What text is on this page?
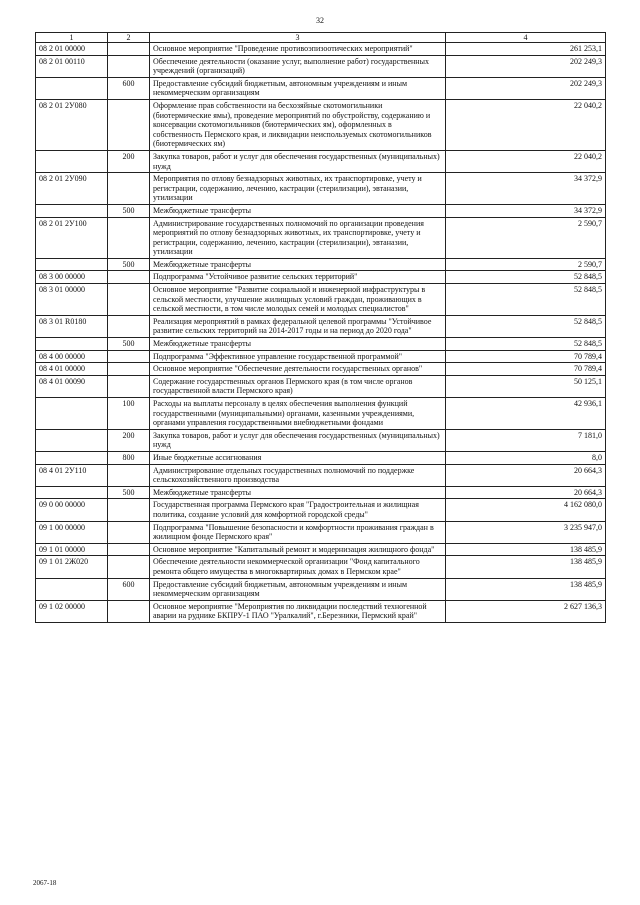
32
1	2	3	4
08 2 01 00000		Основное мероприятие "Проведение противоэпизоотических мероприятий"	261 253,1
08 2 01 00110		Обеспечение деятельности (оказание услуг, выполнение работ) государственных учреждений (организаций)	202 249,3
	600	Предоставление субсидий бюджетным, автономным учреждениям и иным некоммерческим организациям	202 249,3
08 2 01 2У080		Оформление прав собственности на бесхозяйные скотомогильники (биотермические ямы), проведение мероприятий по обустройству, содержанию и консервации скотомогильников (биотермических ям), оформленных в собственность Пермского края, и ликвидации неиспользуемых скотомогильников (биотермических ям)	22 040,2
	200	Закупка товаров, работ и услуг для обеспечения государственных (муниципальных) нужд	22 040,2
08 2 01 2У090		Мероприятия по отлову безнадзорных животных, их транспортировке, учету и регистрации, содержанию, лечению, кастрации (стерилизации), эвтаназии, утилизации	34 372,9
	500	Межбюджетные трансферты	34 372,9
08 2 01 2У100		Администрирование государственных полномочий по организации проведения мероприятий по отлову безнадзорных животных, их транспортировке, учету и регистрации, содержанию, лечению, кастрации (стерилизации), эвтаназии, утилизации	2 590,7
	500	Межбюджетные трансферты	2 590,7
08 3 00 00000		Подпрограмма "Устойчивое развитие сельских территорий"	52 848,5
08 3 01 00000		Основное мероприятие "Развитие социальной и инженерной инфраструктуры в сельской местности, улучшение жилищных условий граждан, проживающих в сельской местности, в том числе молодых семей и молодых специалистов"	52 848,5
08 3 01 R0180		Реализация мероприятий в рамках федеральной целевой программы "Устойчивое развитие сельских территорий на 2014-2017 годы и на период до 2020 года"	52 848,5
	500	Межбюджетные трансферты	52 848,5
08 4 00 00000		Подпрограмма "Эффективное управление государственной программой"	70 789,4
08 4 01 00000		Основное мероприятие "Обеспечение деятельности государственных органов"	70 789,4
08 4 01 00090		Содержание государственных органов Пермского края (в том числе органов государственной власти Пермского края)	50 125,1
	100	Расходы на выплаты персоналу в целях обеспечения выполнения функций государственными (муниципальными) органами, казенными учреждениями, органами управления государственными внебюджетными фондами	42 936,1
	200	Закупка товаров, работ и услуг для обеспечения государственных (муниципальных) нужд	7 181,0
	800	Иные бюджетные ассигнования	8,0
08 4 01 2У110		Администрирование отдельных государственных полномочий по поддержке сельскохозяйственного производства	20 664,3
	500	Межбюджетные трансферты	20 664,3
09 0 00 00000		Государственная программа Пермского края "Градостроительная и жилищная политика, создание условий для комфортной городской среды"	4 162 080,0
09 1 00 00000		Подпрограмма "Повышение безопасности и комфортности проживания граждан в жилищном фонде Пермского края"	3 235 947,0
09 1 01 00000		Основное мероприятие "Капитальный ремонт и модернизация жилищного фонда"	138 485,9
09 1 01 2Ж020		Обеспечение деятельности некоммерческой организации "Фонд капитального ремонта общего имущества в многоквартирных домах в Пермском крае"	138 485,9
	600	Предоставление субсидий бюджетным, автономным учреждениям и иным некоммерческим организациям	138 485,9
09 1 02 00000		Основное мероприятие "Мероприятия по ликвидации последствий техногенной аварии на руднике БКПРУ-1 ПАО "Уралкалий", г.Березники, Пермский край"	2 627 136,3
2067-18
